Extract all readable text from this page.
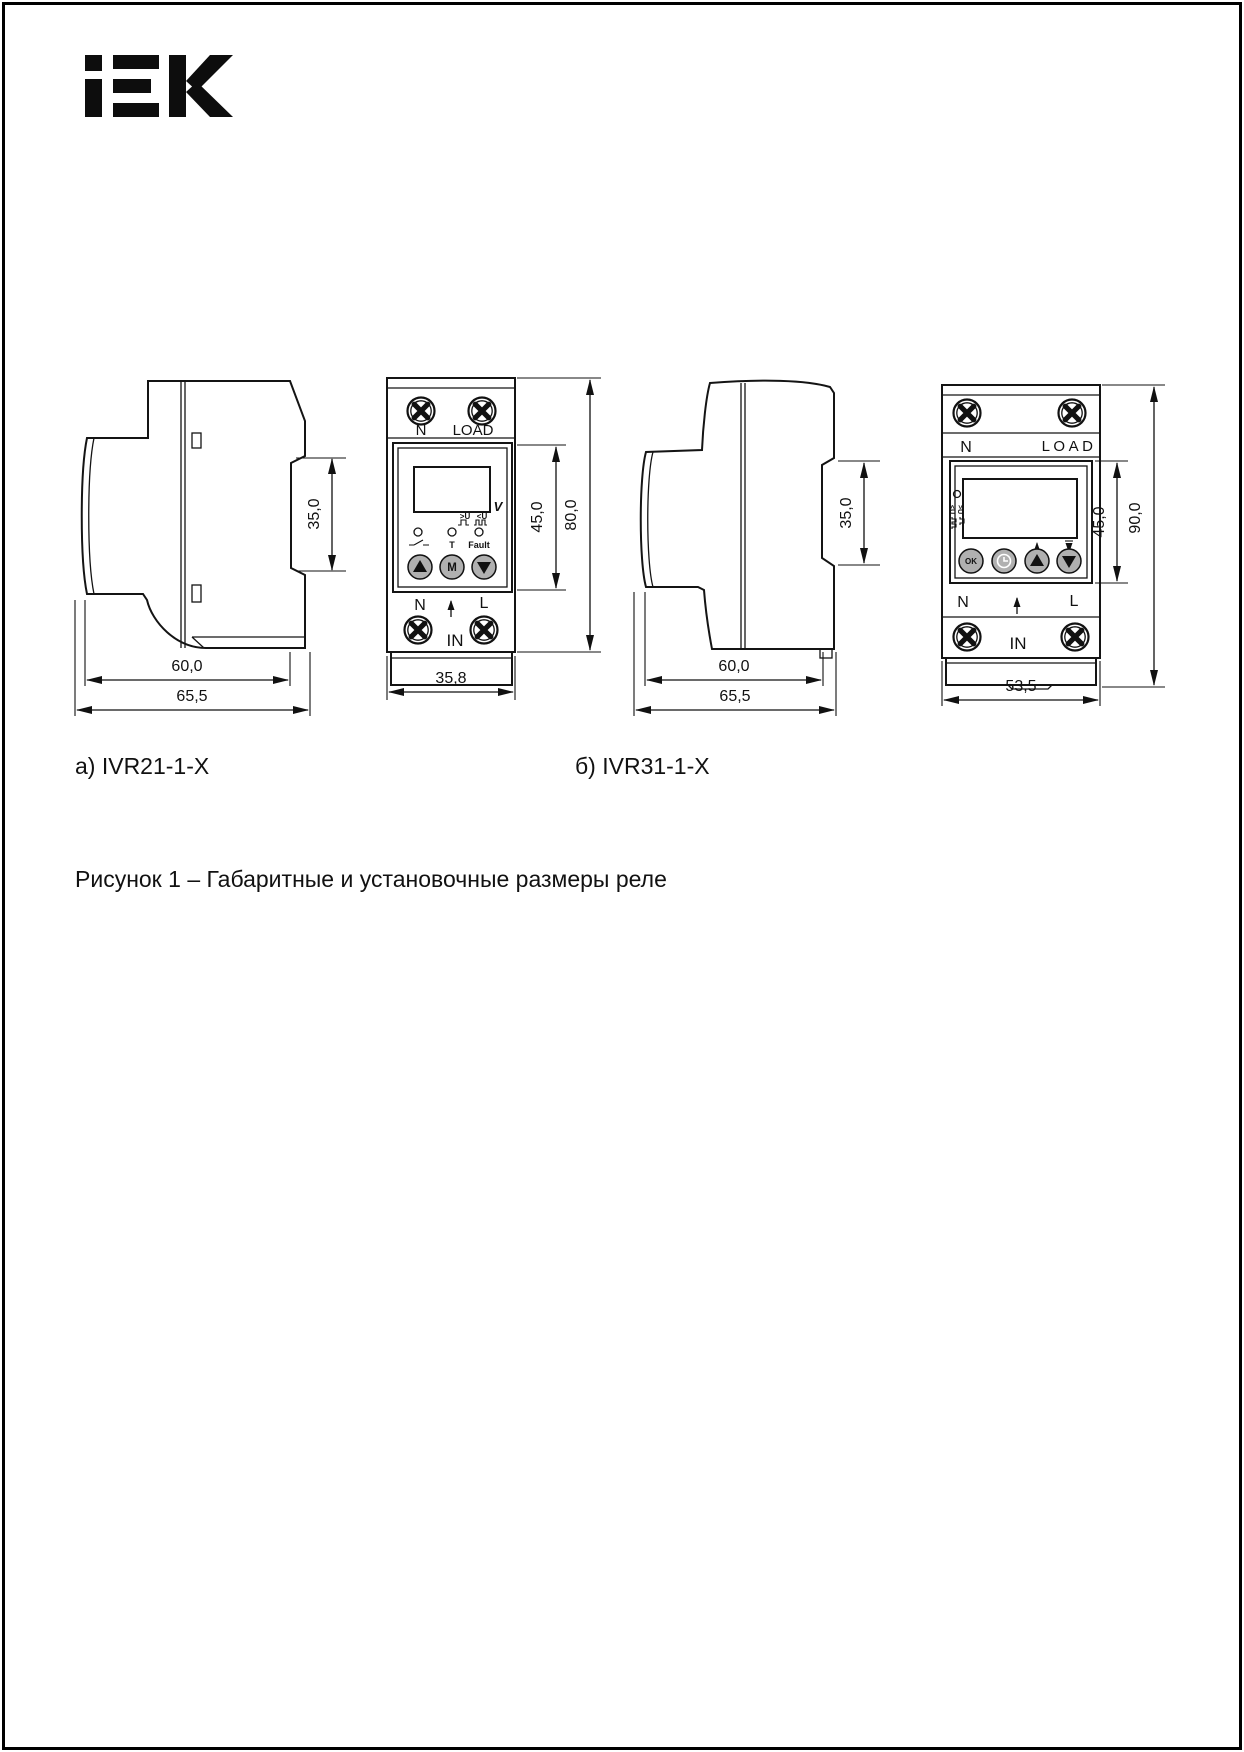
35,0
60,0
65,5
N LOAD
V
>U <U
T Fault
M
N	L
IN
45,0 80,0
35,8
35,0
60,0
65,5
N	LOAD
>U
<U
OK
N	L
IN
45,0 90,0
53,5
а) IVR21-1-X	б) IVR31-1-X
Рисунок 1 – Габаритные и установочные размеры реле
